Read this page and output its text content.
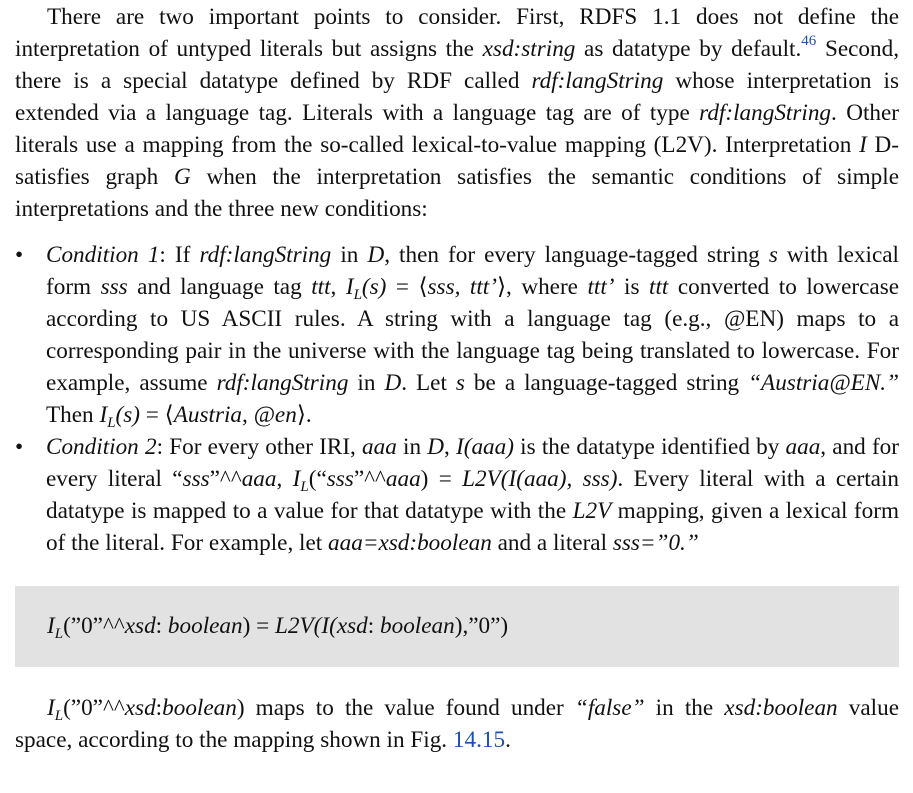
There are two important points to consider. First, RDFS 1.1 does not define the interpretation of untyped literals but assigns the xsd:string as datatype by default.$^{46}$ Second, there is a special datatype defined by RDF called rdf:langString whose interpretation is extended via a language tag. Literals with a language tag are of type rdf:langString. Other literals use a mapping from the so-called lexical-to-value mapping (L2V). Interpretation I D-satisfies graph G when the interpretation satisfies the semantic conditions of simple interpretations and the three new conditions:

• Condition 1: If rdf:langString in D, then for every language-tagged string s with lexical form sss and language tag ttt, $I_L(s)$ = ⟨sss, ttt’⟩, where ttt’ is ttt converted to lowercase according to US ASCII rules. A string with a language tag (e.g., @EN) maps to a corresponding pair in the universe with the language tag being translated to lowercase. For example, assume rdf:langString in D. Let s be a language-tagged string “Austria@EN.” Then $I_L(s)$ = ⟨Austria, @en⟩.
• Condition 2: For every other IRI, aaa in D, I(aaa) is the datatype identified by aaa, and for every literal “sss”^^aaa, $I_L(“sss”\^{}\^{}aaa) = L2V(I(aaa)$, sss). Every literal with a certain datatype is mapped to a value for that datatype with the L2V mapping, given a lexical form of the literal. For example, let aaa=xsd:boolean and a literal sss=”0.”
$I_L(”0”\^{}\^{}xsd$: boolean) = L2V(I(xsd: boolean),”0”)

$I_L(”0”\^{}\^{}xsd:boolean)$ maps to the value found under “false” in the xsd:boolean value space, according to the mapping shown in Fig. 14.15.
